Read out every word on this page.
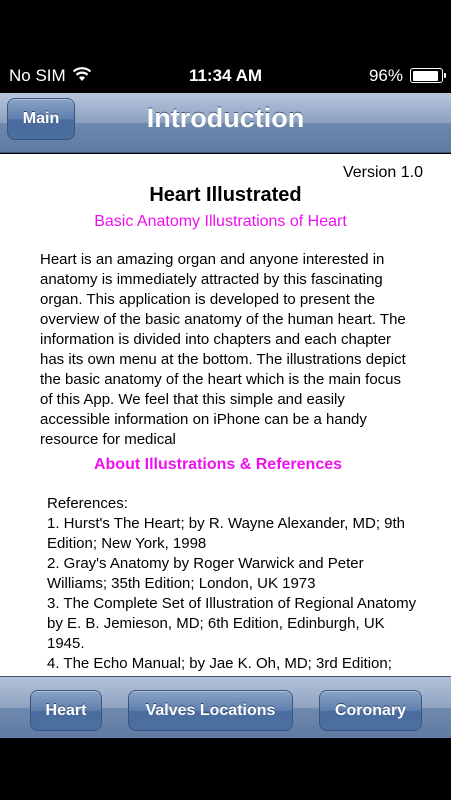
No SIM	11:34 AM	96%
Main	Introduction
Version 1.0
Heart Illustrated
Basic Anatomy Illustrations of Heart

Heart is an amazing organ and anyone interested in anatomy is immediately attracted by this fascinating organ. This application is developed to present the overview of the basic anatomy of the human heart. The information is divided into chapters and each chapter has its own menu at the bottom. The illustrations depict the basic anatomy of the heart which is the main focus of this App. We feel that this simple and easily accessible information on iPhone can be a handy resource for medical

About Illustrations & References
References:
1. Hurst's The Heart; by R. Wayne Alexander, MD; 9th Edition; New York, 1998
2. Gray's Anatomy by Roger Warwick and Peter Williams; 35th Edition; London, UK 1973
3. The Complete Set of Illustration of Regional Anatomy by E. B. Jemieson, MD; 6th Edition, Edinburgh, UK 1945.
4. The Echo Manual; by Jae K. Oh, MD; 3rd Edition;
Heart	Valves Locations	Coronary
